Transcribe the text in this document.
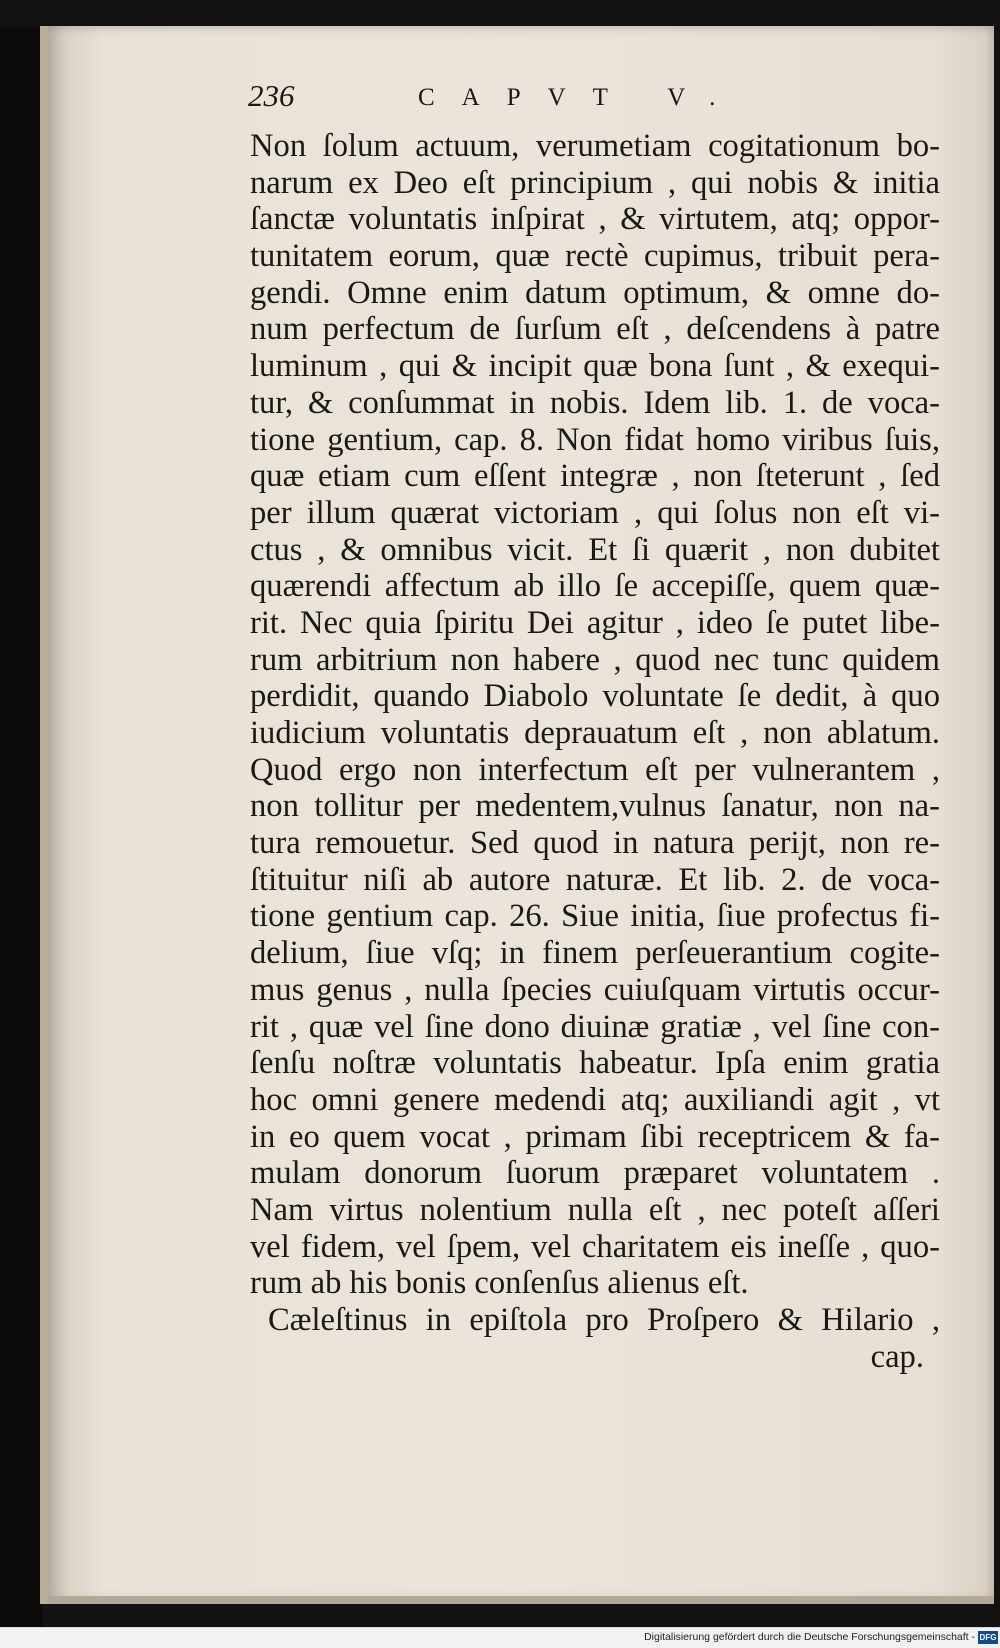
236	CAPVT V.
Non ſolum actuum, verumetiam cogitationum bo-
narum ex Deo eſt principium , qui nobis & initia
ſanctæ voluntatis inſpirat , & virtutem, atq; oppor-
tunitatem eorum, quæ rectè cupimus, tribuit pera-
gendi. Omne enim datum optimum, & omne do-
num perfectum de ſurſum eſt , deſcendens à patre
luminum , qui & incipit quæ bona ſunt , & exequi-
tur, & conſummat in nobis. Idem lib. 1. de voca-
tione gentium, cap. 8. Non fidat homo viribus ſuis,
quæ etiam cum eſſent integræ , non ſteterunt , ſed
per illum quærat victoriam , qui ſolus non eſt vi-
ctus , & omnibus vicit. Et ſi quærit , non dubitet
quærendi affectum ab illo ſe accepiſſe, quem quæ-
rit. Nec quia ſpiritu Dei agitur , ideo ſe putet libe-
rum arbitrium non habere , quod nec tunc quidem
perdidit, quando Diabolo voluntate ſe dedit, à quo
iudicium voluntatis deprauatum eſt , non ablatum.
Quod ergo non interfectum eſt per vulnerantem ,
non tollitur per medentem,vulnus ſanatur, non na-
tura remouetur. Sed quod in natura perijt, non re-
ſtituitur niſi ab autore naturæ. Et lib. 2. de voca-
tione gentium cap. 26. Siue initia, ſiue profectus fi-
delium, ſiue vſq; in finem perſeuerantium cogite-
mus genus , nulla ſpecies cuiuſquam virtutis occur-
rit , quæ vel ſine dono diuinæ gratiæ , vel ſine con-
ſenſu noſtræ voluntatis habeatur. Ipſa enim gratia
hoc omni genere medendi atq; auxiliandi agit , vt
in eo quem vocat , primam ſibi receptricem & fa-
mulam donorum ſuorum præparet voluntatem .
Nam virtus nolentium nulla eſt , nec poteſt aſſeri
vel fidem, vel ſpem, vel charitatem eis ineſſe , quo-
rum ab his bonis conſenſus alienus eſt.
Cæleſtinus in epiſtola pro Proſpero & Hilario ,
cap.
Digitalisierung gefördert durch die Deutsche Forschungsgemeinschaft - DFG
